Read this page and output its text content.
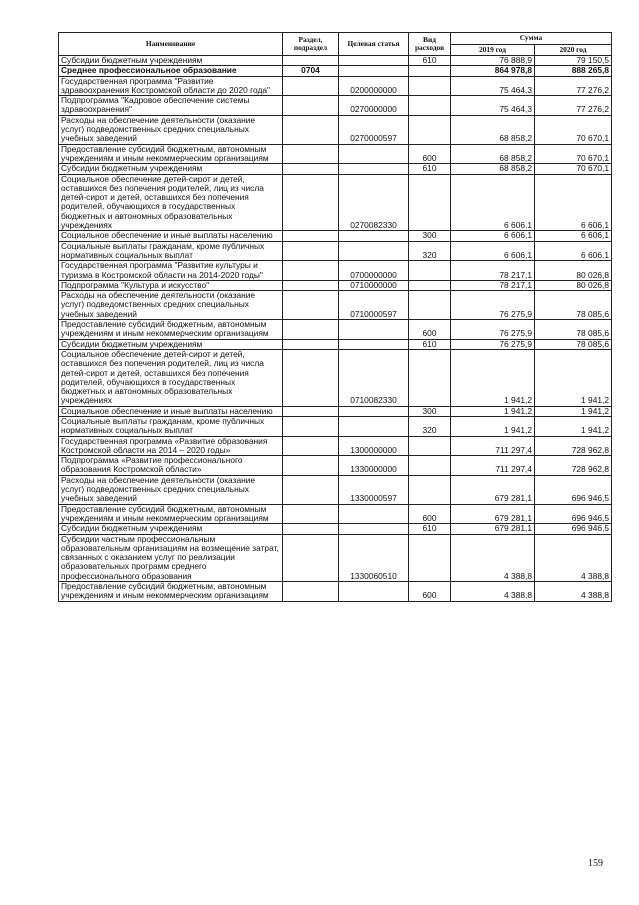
Наименование	Раздел, подраздел	Целевая статья	Вид расходов	Сумма	
				2019 год	2020 год
Субсидии бюджетным учреждениям			610	76 888,9	79 150,5
Среднее профессиональное образование	0704			864 978,8	888 265,8
Государственная программа "Развитие здравоохранения Костромской области до 2020 года"		0200000000		75 464,3	77 276,2
Подпрограмма "Кадровое обеспечение системы здравоохранения"		0270000000		75 464,3	77 276,2
Расходы на обеспечение деятельности (оказание услуг) подведомственных средних специальных учебных заведений		0270000597		68 858,2	70 670,1
Предоставление субсидий бюджетным, автономным учреждениям и иным некоммерческим организациям			600	68 858,2	70 670,1
Субсидии бюджетным учреждениям			610	68 858,2	70 670,1
Социальное обеспечение детей-сирот и детей, оставшихся без попечения родителей, лиц из числа детей-сирот и детей, оставшихся без попечения родителей, обучающихся в государственных бюджетных и автономных образовательных учреждениях		0270082330		6 606,1	6 606,1
Социальное обеспечение и иные выплаты населению			300	6 606,1	6 606,1
Социальные выплаты гражданам, кроме публичных нормативных социальных выплат			320	6 606,1	6 606,1
Государственная программа "Развитие культуры и туризма в Костромской области на 2014-2020 годы"		0700000000		78 217,1	80 026,8
Подпрограмма "Культура и искусство"		0710000000		78 217,1	80 026,8
Расходы на обеспечение деятельности (оказание услуг) подведомственных средних специальных учебных заведений		0710000597		76 275,9	78 085,6
Предоставление субсидий бюджетным, автономным учреждениям и иным некоммерческим организациям			600	76 275,9	78 085,6
Субсидии бюджетным учреждениям			610	76 275,9	78 085,6
Социальное обеспечение детей-сирот и детей, оставшихся без попечения родителей, лиц из числа детей-сирот и детей, оставшихся без попечения родителей, обучающихся в государственных бюджетных и автономных образовательных учреждениях		0710082330		1 941,2	1 941,2
Социальное обеспечение и иные выплаты населению			300	1 941,2	1 941,2
Социальные выплаты гражданам, кроме публичных нормативных социальных выплат			320	1 941,2	1 941,2
Государственная программа «Развитие образования Костромской области на 2014 – 2020 годы»		1300000000		711 297,4	728 962,8
Подпрограмма «Развитие профессионального образования Костромской области»		1330000000		711 297,4	728 962,8
Расходы на обеспечение деятельности (оказание услуг) подведомственных средних специальных учебных заведений		1330000597		679 281,1	696 946,5
Предоставление субсидий бюджетным, автономным учреждениям и иным некоммерческим организациям			600	679 281,1	696 946,5
Субсидии бюджетным учреждениям			610	679 281,1	696 946,5
Субсидии частным профессиональным образовательным организациям на возмещение затрат, связанных с оказанием услуг по реализации образовательных программ среднего профессионального образования		1330060510		4 388,8	4 388,8
Предоставление субсидий бюджетным, автономным учреждениям и иным некоммерческим организациям			600	4 388,8	4 388,8
159
